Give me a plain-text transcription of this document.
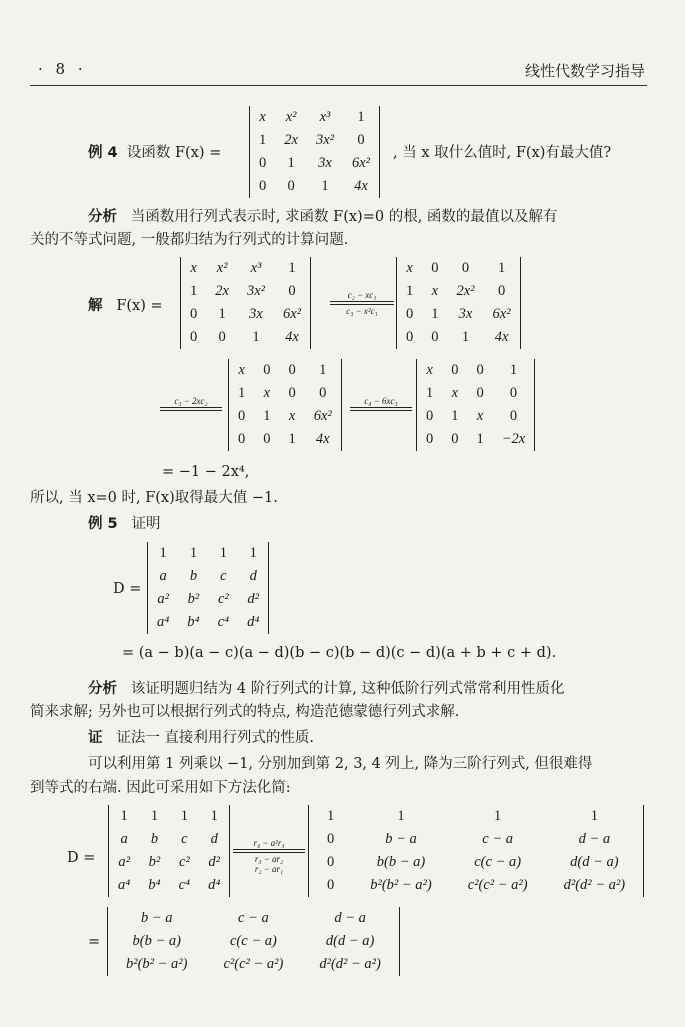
· 8 ·	线性代数学习指导
例 4 设函数 F(x) =
x	x²	x³	1
1	2x	3x²	0
0	1	3x	6x²
0	0	1	4x
, 当 x 取什么值时, F(x)有最大值?
分析 当函数用行列式表示时, 求函数 F(x)=0 的根, 函数的最值以及解有
关的不等式问题, 一般都归结为行列式的计算问题.
解 F(x) =
x	x²	x³	1
1	2x	3x²	0
0	1	3x	6x²
0	0	1	4x
c₂ − xc₁
c₃ − x²c₁
x	0	0	1
1	x	2x²	0
0	1	3x	6x²
0	0	1	4x
c₃ − 2xc₂
x	0	0	1
1	x	0	0
0	1	x	6x²
0	0	1	4x
c₄ − 6xc₃
x	0	0	1
1	x	0	0
0	1	x	0
0	0	1	−2x
= −1 − 2x⁴,
所以, 当 x=0 时, F(x)取得最大值 −1.
例 5 证明
D =
1	1	1	1
a	b	c	d
a²	b²	c²	d²
a⁴	b⁴	c⁴	d⁴
= (a − b)(a − c)(a − d)(b − c)(b − d)(c − d)(a + b + c + d).
分析 该证明题归结为 4 阶行列式的计算, 这种低阶行列式常常利用性质化
简来求解; 另外也可以根据行列式的特点, 构造范德蒙德行列式求解.
证 证法一 直接利用行列式的性质.
可以利用第 1 列乘以 −1, 分别加到第 2, 3, 4 列上, 降为三阶行列式, 但很难得
到等式的右端. 因此可采用如下方法化简:
D =
1	1	1	1
a	b	c	d
a²	b²	c²	d²
a⁴	b⁴	c⁴	d⁴
r₄ − a²r₃
r₃ − ar₂
r₂ − ar₁
1	1	1	1
0	b − a	c − a	d − a
0	b(b − a)	c(c − a)	d(d − a)
0	b²(b² − a²)	c²(c² − a²)	d²(d² − a²)
=
b − a	c − a	d − a
b(b − a)	c(c − a)	d(d − a)
b²(b² − a²)	c²(c² − a²)	d²(d² − a²)
